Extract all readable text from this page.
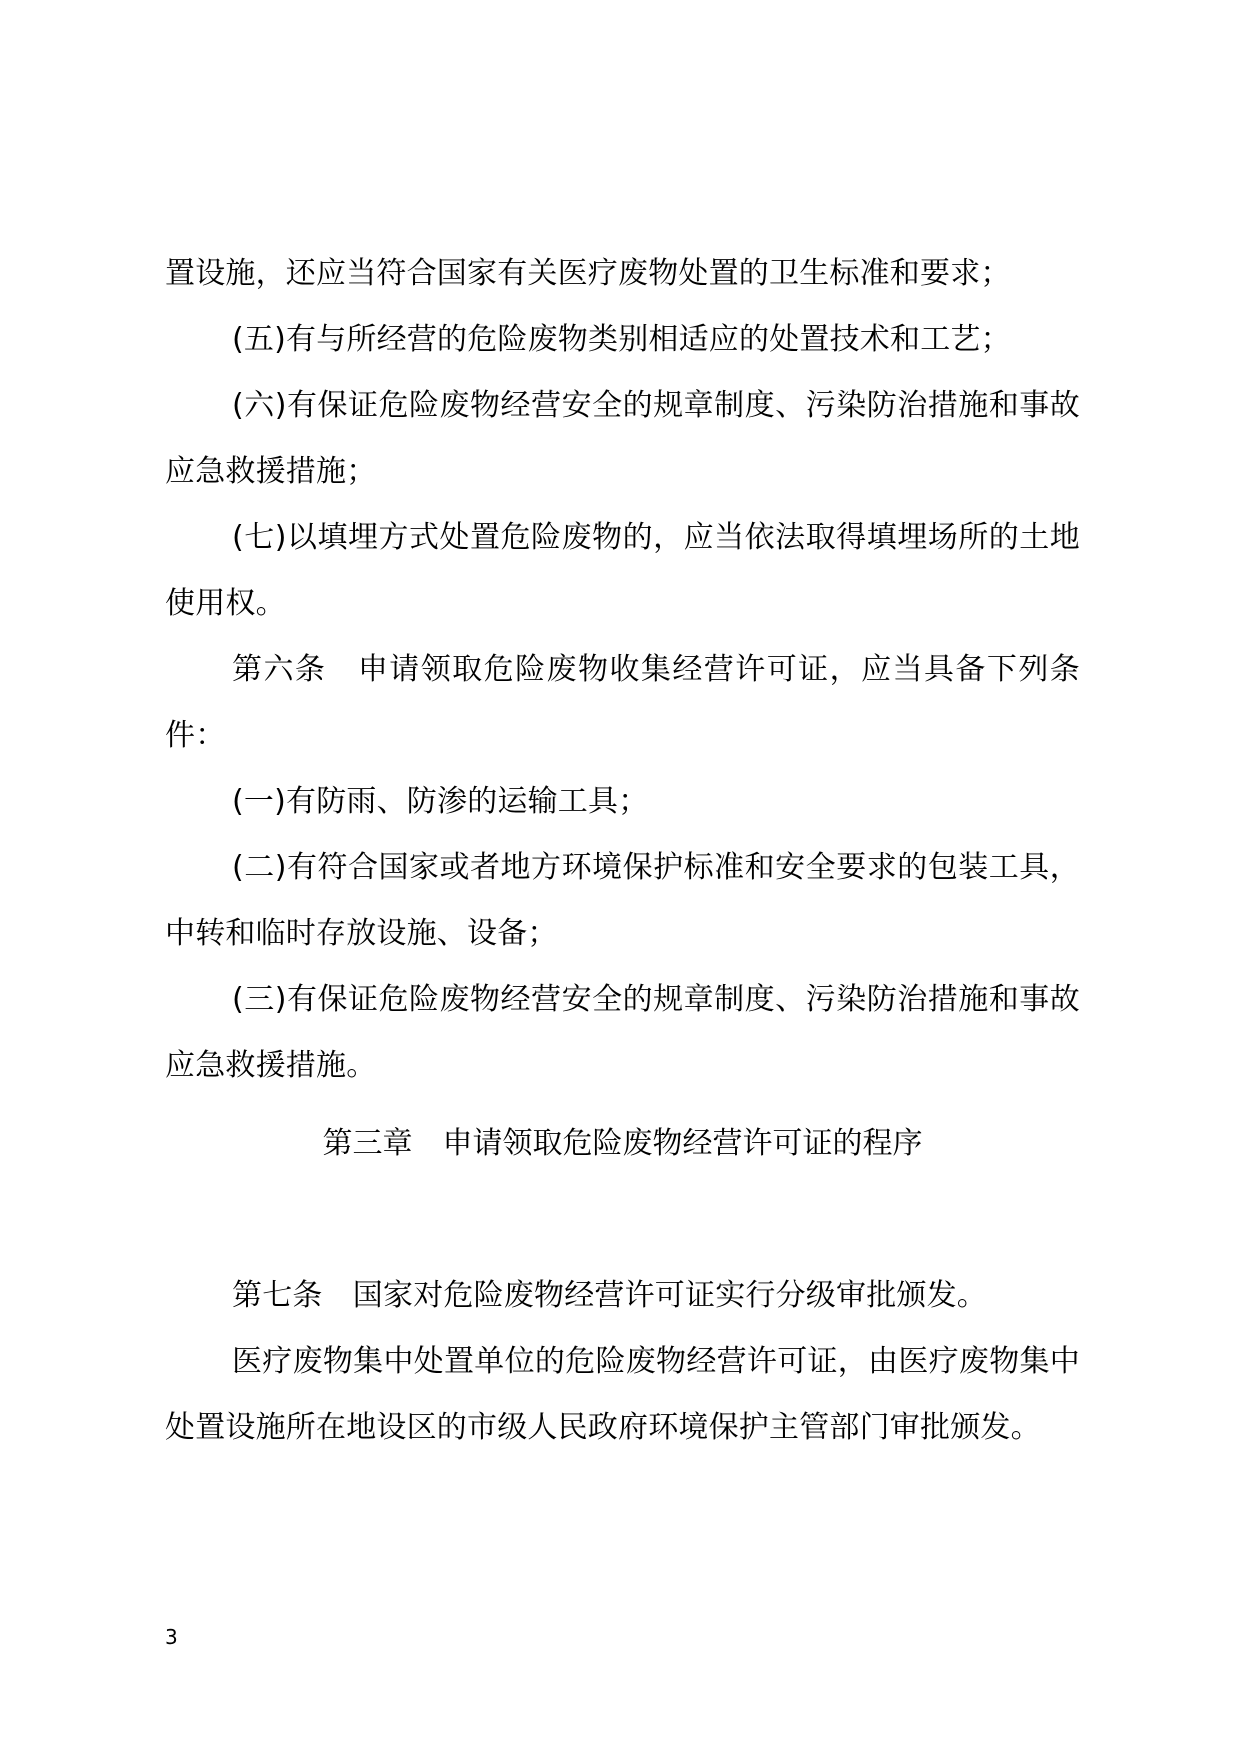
置设施，还应当符合国家有关医疗废物处置的卫生标准和要求；

(五)有与所经营的危险废物类别相适应的处置技术和工艺；

(六)有保证危险废物经营安全的规章制度、污染防治措施和事故应急救援措施；

(七)以填埋方式处置危险废物的，应当依法取得填埋场所的土地使用权。

第六条　申请领取危险废物收集经营许可证，应当具备下列条件：

(一)有防雨、防渗的运输工具；

(二)有符合国家或者地方环境保护标准和安全要求的包装工具，中转和临时存放设施、设备；

(三)有保证危险废物经营安全的规章制度、污染防治措施和事故应急救援措施。

第三章　申请领取危险废物经营许可证的程序

第七条　国家对危险废物经营许可证实行分级审批颁发。

医疗废物集中处置单位的危险废物经营许可证，由医疗废物集中处置设施所在地设区的市级人民政府环境保护主管部门审批颁发。

3
